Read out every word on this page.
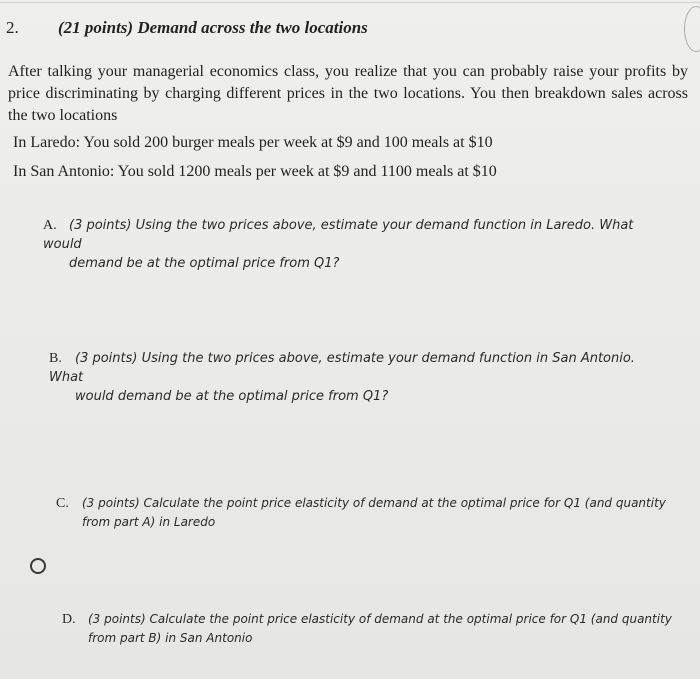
2. (21 points) Demand across the two locations
After talking your managerial economics class, you realize that you can probably raise your profits by price discriminating by charging different prices in the two locations. You then breakdown sales across the two locations
In Laredo: You sold 200 burger meals per week at $9 and 100 meals at $10
In San Antonio: You sold 1200 meals per week at $9 and 1100 meals at $10
A. (3 points) Using the two prices above, estimate your demand function in Laredo. What would
demand be at the optimal price from Q1?
B. (3 points) Using the two prices above, estimate your demand function in San Antonio. What
would demand be at the optimal price from Q1?
C. (3 points) Calculate the point price elasticity of demand at the optimal price for Q1 (and quantity
from part A) in Laredo
D. (3 points) Calculate the point price elasticity of demand at the optimal price for Q1 (and quantity
from part B) in San Antonio
